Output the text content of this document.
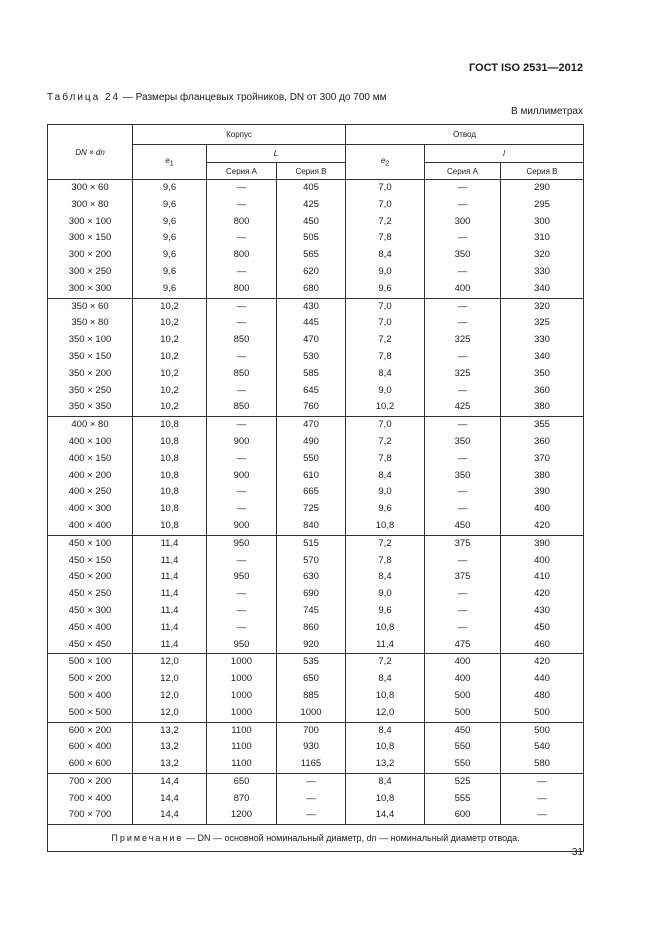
ГОСТ ISO 2531—2012
Таблица 24 — Размеры фланцевых тройников, DN от 300 до 700 мм
В миллиметрах
DN × dn	Корпус			Отвод		
	$e_1$	L		$e_2$	l	
		Серия А	Серия В		Серия А	Серия В
300 × 60	9,6	—	405	7,0	—	290
300 × 80	9,6	—	425	7,0	—	295
300 × 100	9,6	800	450	7,2	300	300
300 × 150	9,6	—	505	7,8	—	310
300 × 200	9,6	800	565	8,4	350	320
300 × 250	9,6	—	620	9,0	—	330
300 × 300	9,6	800	680	9,6	400	340
350 × 60	10,2	—	430	7,0	—	320
350 × 80	10,2	—	445	7,0	—	325
350 × 100	10,2	850	470	7,2	325	330
350 × 150	10,2	—	530	7,8	—	340
350 × 200	10,2	850	585	8,4	325	350
350 × 250	10,2	—	645	9,0	—	360
350 × 350	10,2	850	760	10,2	425	380
400 × 80	10,8	—	470	7,0	—	355
400 × 100	10,8	900	490	7,2	350	360
400 × 150	10,8	—	550	7,8	—	370
400 × 200	10,8	900	610	8,4	350	380
400 × 250	10,8	—	665	9,0	—	390
400 × 300	10,8	—	725	9,6	—	400
400 × 400	10,8	900	840	10,8	450	420
450 × 100	11,4	950	515	7,2	375	390
450 × 150	11,4	—	570	7,8	—	400
450 × 200	11,4	950	630	8,4	375	410
450 × 250	11,4	—	690	9,0	—	420
450 × 300	11,4	—	745	9,6	—	430
450 × 400	11,4	—	860	10,8	—	450
450 × 450	11,4	950	920	11,4	475	460
500 × 100	12,0	1000	535	7,2	400	420
500 × 200	12,0	1000	650	8,4	400	440
500 × 400	12,0	1000	885	10,8	500	480
500 × 500	12,0	1000	1000	12,0	500	500
600 × 200	13,2	1100	700	8,4	450	500
600 × 400	13,2	1100	930	10,8	550	540
600 × 600	13,2	1100	1165	13,2	550	580
700 × 200	14,4	650	—	8,4	525	—
700 × 400	14,4	870	—	10,8	555	—
700 × 700	14,4	1200	—	14,4	600	—
Примечание — DN — основной номинальный диаметр, dn — номинальный диаметр отвода.						
31
